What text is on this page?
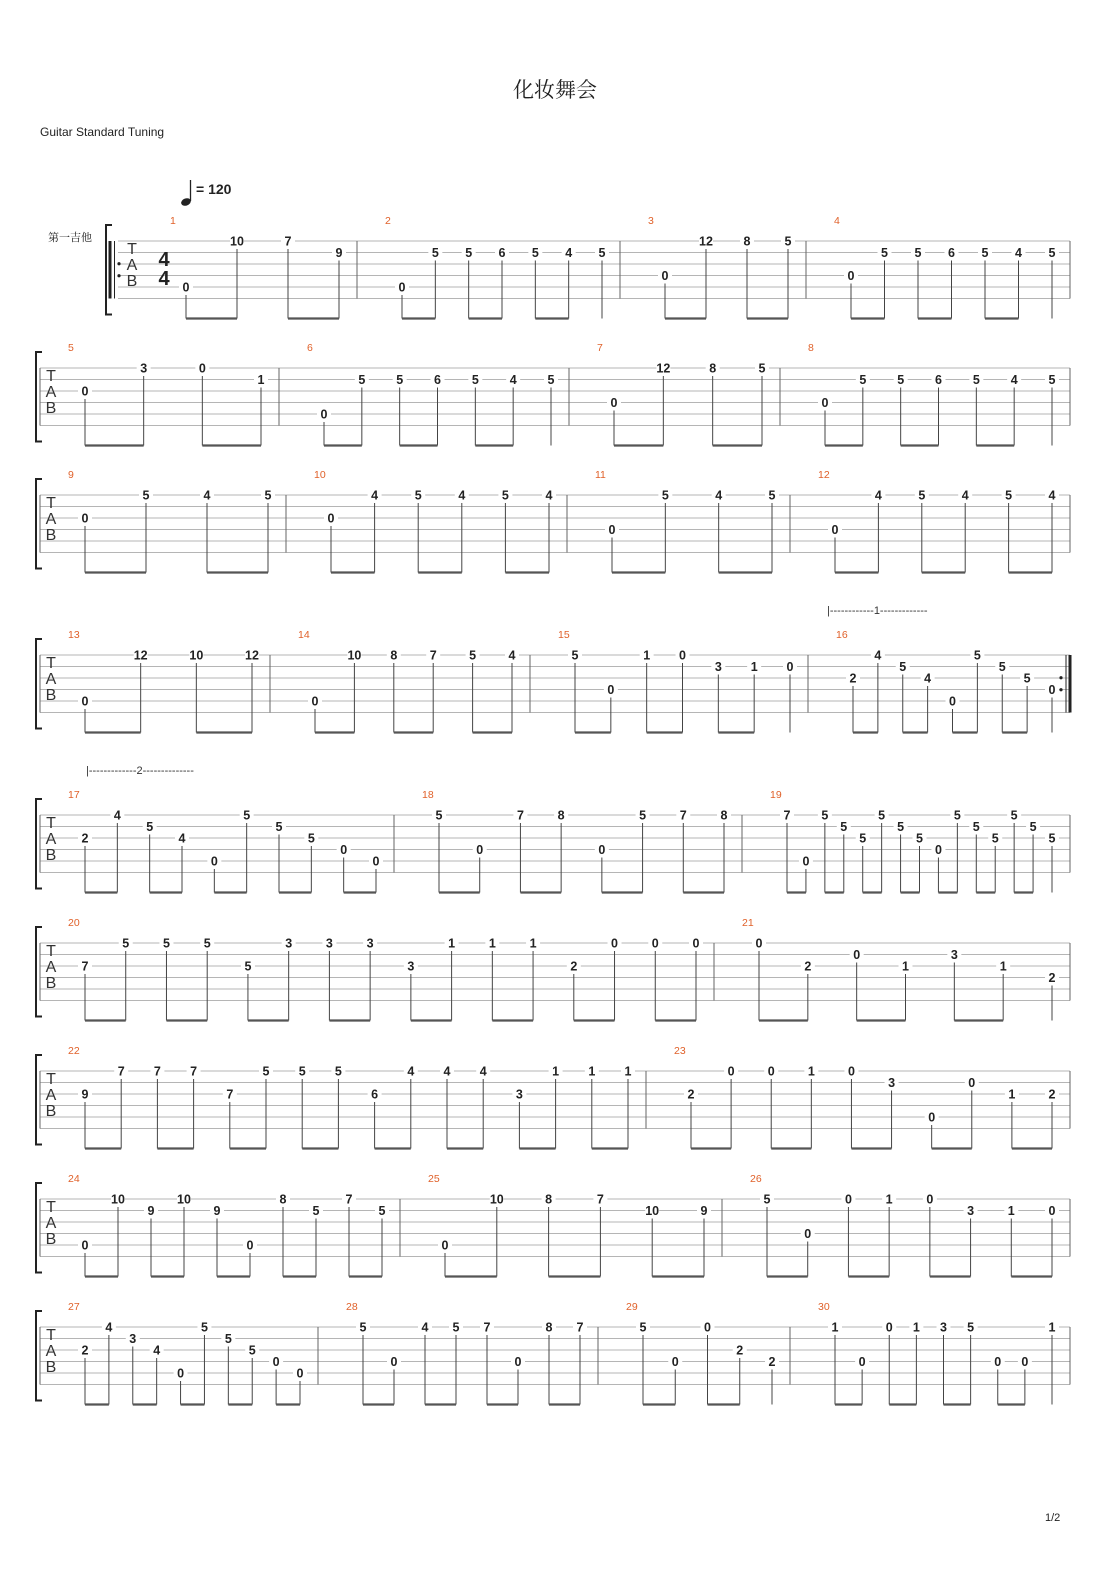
化妆舞会
Guitar Standard Tuning
= 120
第一吉他
1/2
T
A
B
4
4
1
0
10	7
9
2
0
5 5 6 5 4 5
3
0
12 8	5
4
0
5 5 6 5 4 5
T
A
B
5
0
3	0
1
6
0
5 5 6 5 4 5
7
0
12	8	5
8
0
5 5 6 5 4 5
T
A
B
9
0
5	4	5
10
0
4	5	4	5	4
11
0
5	4	5
12
0
4	5	4	5	4
T
A
B
|------------1-------------
13
0
12	10	12
14
0
10 8	7	5	4
15
5
0
1 0
3 1 0
16
2
4
5
4
0
5
5
5
0
T
A
B
|-------------2--------------
17
2
4
5
4
0
5
5
5
0
0
18
5
0
7	8
0
5	7	8
19
7
0
5
5
5
5
5
5
0
5
5
5
5
5
5
T
A
B
20
7
5	5	5
5
3	3	3
3
1	1	1
2
0	0	0
21
0
2
0
1
3
1
2
T
A
B
22
9
7 7 7
7
5 5 5
6
4 4 4
3
1 1 1
23
2
0	0	1	0
3
0
0
1	2
T
A
B
24
0
10
9
10
9
0
8
5
7
5
25
0
10	8	7
10	9
26
5
0
0	1	0
3	1	0
T
A
B
27
2
4
3
4
0
5
5
5
0
0
28
5
0
4 5 7
0
8 7
29
5
0
0
2
2
30
1
0
0 1 3 5
0 0
1
